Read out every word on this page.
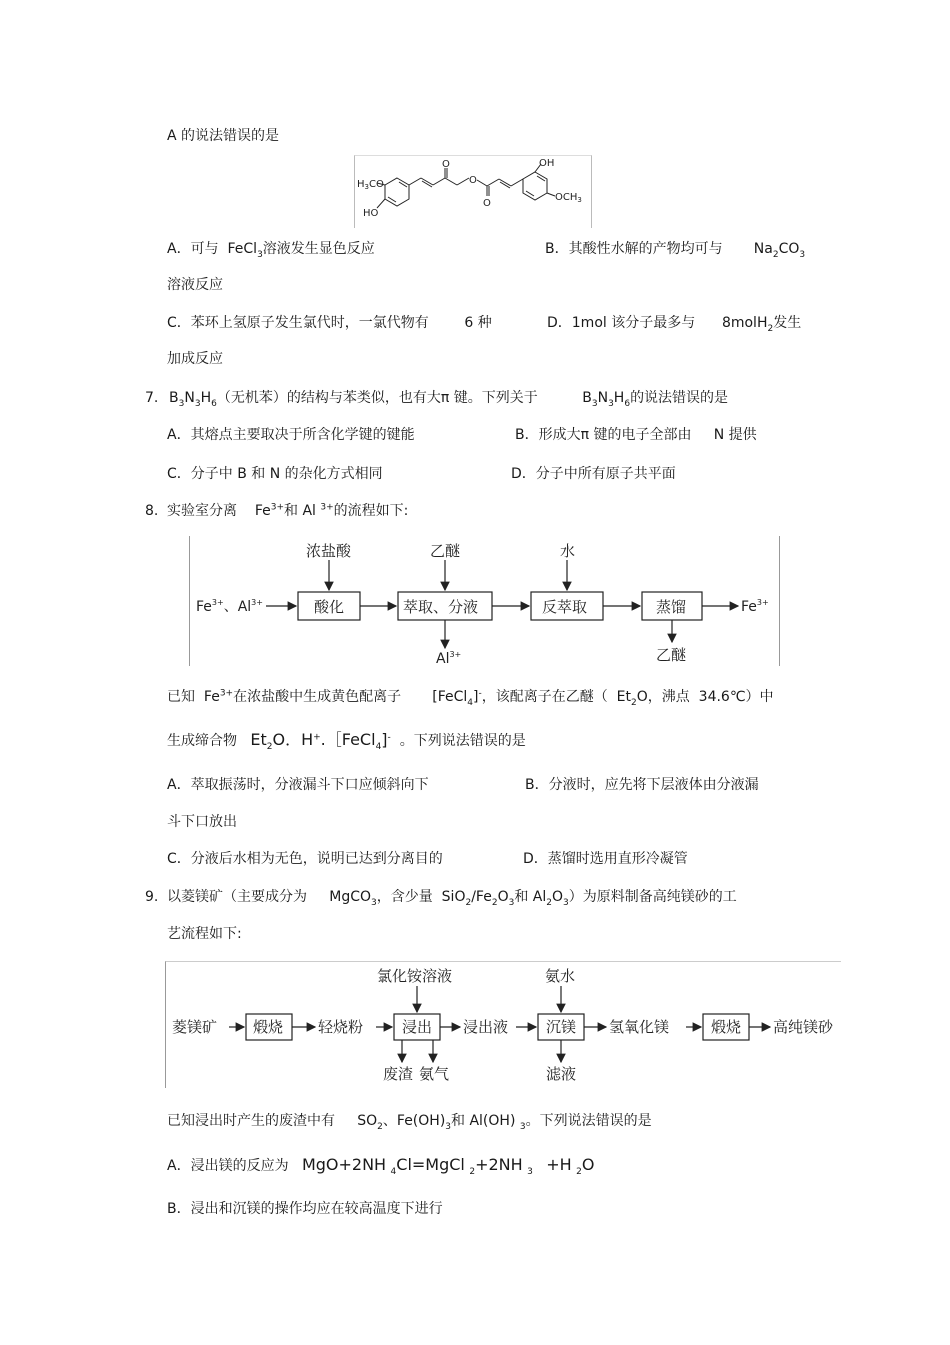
A 的说法错误的是
$H_3CO$
HO
O
O
O
OH
$OCH_3$
A．可与 FeCl$_3$溶液发生显色反应	B．其酸性水解的产物均可与 $Na_2CO_3$
溶液反应
C．苯环上氢原子发生氯代时，一氯代物有	6 种	D．1mol 该分子最多与 8molH$_2$发生
加成反应
7. $B_3N_3H_6$（无机苯）的结构与苯类似，也有大π 键。下列关于	$B_3N_3H_6$的说法错误的是
A．其熔点主要取决于所含化学键的键能	B．形成大π 键的电子全部由 N 提供
C．分子中 B 和 N 的杂化方式相同	D．分子中所有原子共平面
8. 实验室分离 $Fe^{3+}$和 Al $^{3+}$的流程如下:
浓盐酸	乙醚	水
$Fe^{3+}$、$Al^{3+}$	酸化	萃取、分液	反萃取	蒸馏	$Fe^{3+}$
$Al^{3+}$	乙醚
已知 $Fe^{3+}$在浓盐酸中生成黄色配离子 [FeCl$_4$]-，该配离子在乙醚（ $Et_2O$，沸点 34.6℃）中
生成缔合物 $Et_2O$．H+.［FeCl$_4$]- 。下列说法错误的是
A．萃取振荡时，分液漏斗下口应倾斜向下	B．分液时，应先将下层液体由分液漏
斗下口放出
C．分液后水相为无色，说明已达到分离目的	D．蒸馏时选用直形冷凝管
9. 以菱镁矿（主要成分为 MgCO$_3$，含少量 $SiO_2/Fe_2O_3$和 $Al_2O_3$）为原料制备高纯镁砂的工
艺流程如下:
氯化铵溶液	氨水
菱镁矿 煅烧 轻烧粉	浸出 浸出液	沉镁 氢氧化镁	煅烧 高纯镁砂
废渣 氨气	滤液
已知浸出时产生的废渣中有 $SO_2$、$Fe(OH)_3$和 Al(OH) $_3$。下列说法错误的是
A．浸出镁的反应为 MgO+2NH $_4$Cl=MgCl $_2$+2NH $_3$ +H $_2$O
B．浸出和沉镁的操作均应在较高温度下进行
